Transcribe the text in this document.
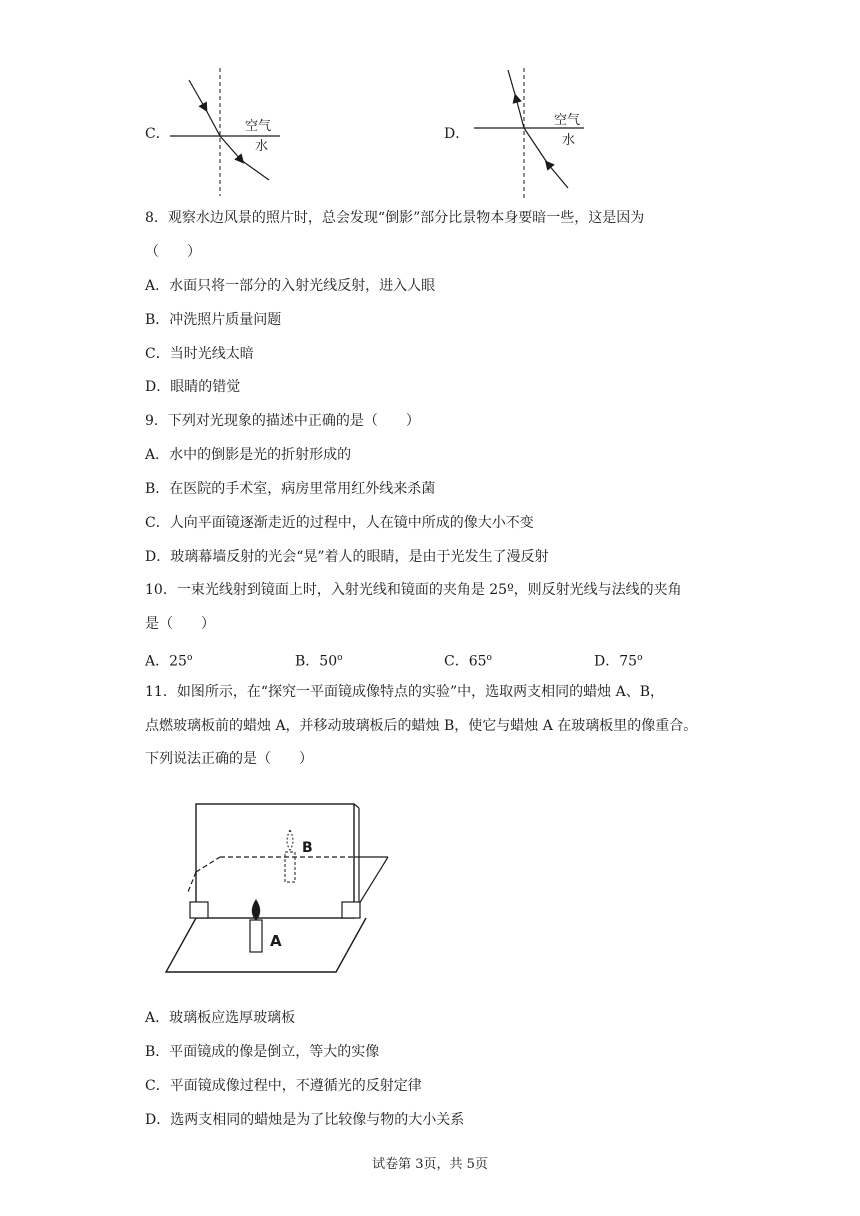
C．	空气
水
D．
空气
水
8．观察水边风景的照片时，总会发现“倒影”部分比景物本身要暗一些，这是因为
（　　）
A．水面只将一部分的入射光线反射，进入人眼
B．冲洗照片质量问题
C．当时光线太暗
D．眼睛的错觉
9．下列对光现象的描述中正确的是（　　）
A．水中的倒影是光的折射形成的
B．在医院的手术室，病房里常用红外线来杀菌
C．人向平面镜逐渐走近的过程中，人在镜中所成的像大小不变
D．玻璃幕墙反射的光会“晃”着人的眼睛，是由于光发生了漫反射
10．一束光线射到镜面上时，入射光线和镜面的夹角是 25º，则反射光线与法线的夹角
是（　　）
A．25$^o$	B．50$^o$	C．65$^o$	D．75$^o$
11．如图所示，在“探究一平面镜成像特点的实验”中，选取两支相同的蜡烛 A、B，
点燃玻璃板前的蜡烛 A，并移动玻璃板后的蜡烛 B，使它与蜡烛 A 在玻璃板里的像重合。
下列说法正确的是（　　）
B
A
A．玻璃板应选厚玻璃板
B．平面镜成的像是倒立，等大的实像
C．平面镜成像过程中，不遵循光的反射定律
D．选两支相同的蜡烛是为了比较像与物的大小关系
试卷第 3页，共 5页
